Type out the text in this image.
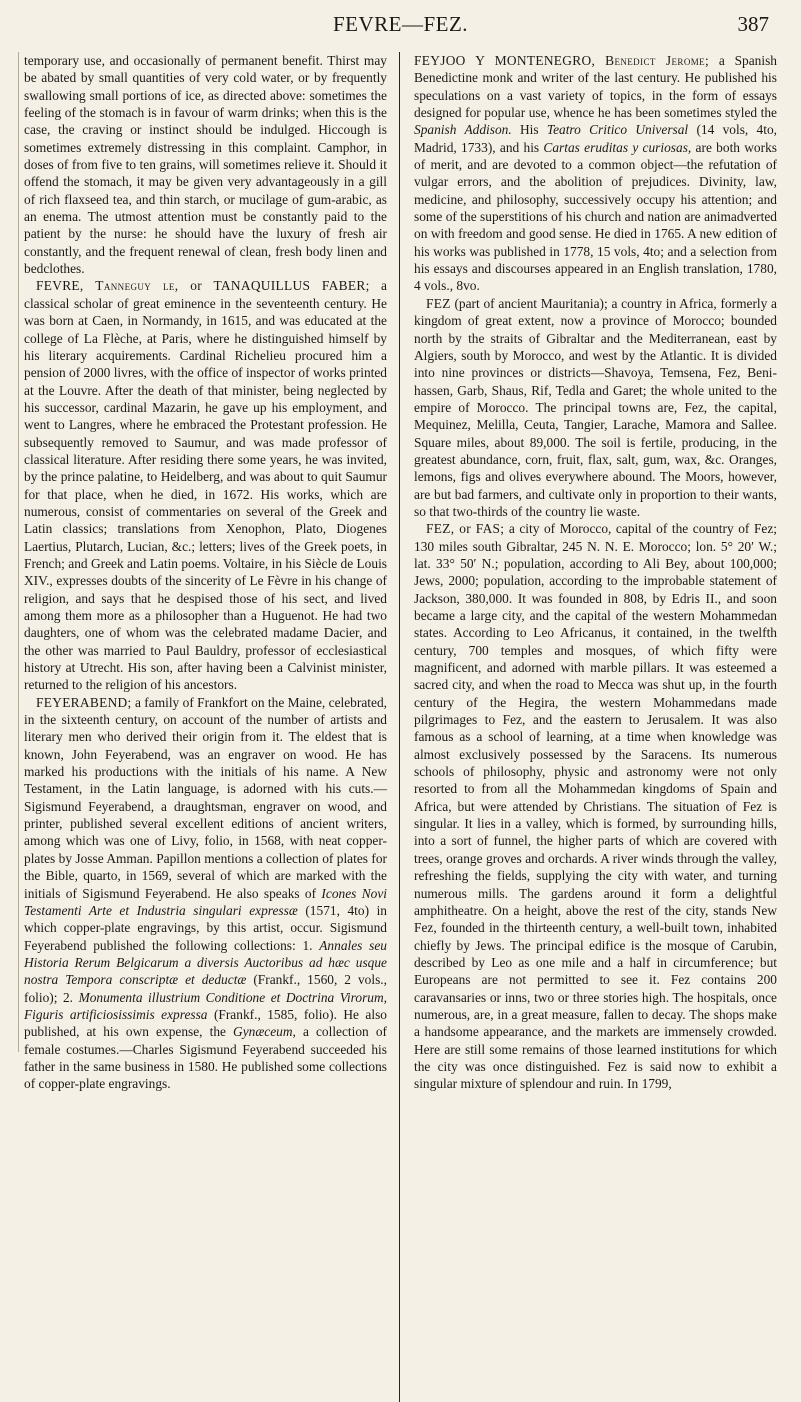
FEVRE—FEZ.	387

temporary use, and occasionally of permanent benefit. Thirst may be abated by small quantities of very cold water, or by frequently swallowing small portions of ice, as directed above: sometimes the feeling of the stomach is in favour of warm drinks; when this is the case, the craving or instinct should be indulged. Hiccough is sometimes extremely distressing in this complaint. Camphor, in doses of from five to ten grains, will sometimes relieve it. Should it offend the stomach, it may be given very advantageously in a gill of rich flaxseed tea, and thin starch, or mucilage of gum-arabic, as an enema. The utmost attention must be constantly paid to the patient by the nurse: he should have the luxury of fresh air constantly, and the frequent renewal of clean, fresh body linen and bedclothes.

FEVRE, Tanneguy le, or TANAQUILLUS FABER; a classical scholar of great eminence in the seventeenth century. He was born at Caen, in Normandy, in 1615, and was educated at the college of La Flèche, at Paris, where he distinguished himself by his literary acquirements. Cardinal Richelieu procured him a pension of 2000 livres, with the office of inspector of works printed at the Louvre. After the death of that minister, being neglected by his successor, cardinal Mazarin, he gave up his employment, and went to Langres, where he embraced the Protestant profession. He subsequently removed to Saumur, and was made professor of classical literature. After residing there some years, he was invited, by the prince palatine, to Heidelberg, and was about to quit Saumur for that place, when he died, in 1672. His works, which are numerous, consist of commentaries on several of the Greek and Latin classics; translations from Xenophon, Plato, Diogenes Laertius, Plutarch, Lucian, &c.; letters; lives of the Greek poets, in French; and Greek and Latin poems. Voltaire, in his Siècle de Louis XIV., expresses doubts of the sincerity of Le Fèvre in his change of religion, and says that he despised those of his sect, and lived among them more as a philosopher than a Huguenot. He had two daughters, one of whom was the celebrated madame Dacier, and the other was married to Paul Bauldry, professor of ecclesiastical history at Utrecht. His son, after having been a Calvinist minister, returned to the religion of his ancestors.

FEYERABEND; a family of Frankfort on the Maine, celebrated, in the sixteenth century, on account of the number of artists and literary men who derived their origin from it. The eldest that is known, John Feyerabend, was an engraver on wood. He has marked his productions with the initials of his name. A New Testament, in the Latin language, is adorned with his cuts.—Sigismund Feyerabend, a draughtsman, engraver on wood, and printer, published several excellent editions of ancient writers, among which was one of Livy, folio, in 1568, with neat copper-plates by Josse Amman. Papillon mentions a collection of plates for the Bible, quarto, in 1569, several of which are marked with the initials of Sigismund Feyerabend. He also speaks of Icones Novi Testamenti Arte et Industria singulari expressæ (1571, 4to) in which copper-plate engravings, by this artist, occur. Sigismund Feyerabend published the following collections: 1. Annales seu Historia Rerum Belgicarum a diversis Auctoribus ad hæc usque nostra Tempora conscriptæ et deductæ (Frankf., 1560, 2 vols., folio); 2. Monumenta illustrium Conditione et Doctrina Virorum, Figuris artificiosissimis expressa (Frankf., 1585, folio). He also published, at his own expense, the Gynæceum, a collection of female costumes.—Charles Sigismund Feyerabend succeeded his father in the same business in 1580. He published some collections of copper-plate engravings.

FEYJOO Y MONTENEGRO, Benedict Jerome; a Spanish Benedictine monk and writer of the last century. He published his speculations on a vast variety of topics, in the form of essays designed for popular use, whence he has been sometimes styled the Spanish Addison. His Teatro Critico Universal (14 vols, 4to, Madrid, 1733), and his Cartas eruditas y curiosas, are both works of merit, and are devoted to a common object—the refutation of vulgar errors, and the abolition of prejudices. Divinity, law, medicine, and philosophy, successively occupy his attention; and some of the superstitions of his church and nation are animadverted on with freedom and good sense. He died in 1765. A new edition of his works was published in 1778, 15 vols, 4to; and a selection from his essays and discourses appeared in an English translation, 1780, 4 vols., 8vo.

FEZ (part of ancient Mauritania); a country in Africa, formerly a kingdom of great extent, now a province of Morocco; bounded north by the straits of Gibraltar and the Mediterranean, east by Algiers, south by Morocco, and west by the Atlantic. It is divided into nine provinces or districts—Shavoya, Temsena, Fez, Beni-hassen, Garb, Shaus, Rif, Tedla and Garet; the whole united to the empire of Morocco. The principal towns are, Fez, the capital, Mequinez, Melilla, Ceuta, Tangier, Larache, Mamora and Sallee. Square miles, about 89,000. The soil is fertile, producing, in the greatest abundance, corn, fruit, flax, salt, gum, wax, &c. Oranges, lemons, figs and olives everywhere abound. The Moors, however, are but bad farmers, and cultivate only in proportion to their wants, so that two-thirds of the country lie waste.

FEZ, or FAS; a city of Morocco, capital of the country of Fez; 130 miles south Gibraltar, 245 N. N. E. Morocco; lon. 5° 20′ W.; lat. 33° 50′ N.; population, according to Ali Bey, about 100,000; Jews, 2000; population, according to the improbable statement of Jackson, 380,000. It was founded in 808, by Edris II., and soon became a large city, and the capital of the western Mohammedan states. According to Leo Africanus, it contained, in the twelfth century, 700 temples and mosques, of which fifty were magnificent, and adorned with marble pillars. It was esteemed a sacred city, and when the road to Mecca was shut up, in the fourth century of the Hegira, the western Mohammedans made pilgrimages to Fez, and the eastern to Jerusalem. It was also famous as a school of learning, at a time when knowledge was almost exclusively possessed by the Saracens. Its numerous schools of philosophy, physic and astronomy were not only resorted to from all the Mohammedan kingdoms of Spain and Africa, but were attended by Christians. The situation of Fez is singular. It lies in a valley, which is formed, by surrounding hills, into a sort of funnel, the higher parts of which are covered with trees, orange groves and orchards. A river winds through the valley, refreshing the fields, supplying the city with water, and turning numerous mills. The gardens around it form a delightful amphitheatre. On a height, above the rest of the city, stands New Fez, founded in the thirteenth century, a well-built town, inhabited chiefly by Jews. The principal edifice is the mosque of Carubin, described by Leo as one mile and a half in circumference; but Europeans are not permitted to see it. Fez contains 200 caravansaries or inns, two or three stories high. The hospitals, once numerous, are, in a great measure, fallen to decay. The shops make a handsome appearance, and the markets are immensely crowded. Here are still some remains of those learned institutions for which the city was once distinguished. Fez is said now to exhibit a singular mixture of splendour and ruin. In 1799,
